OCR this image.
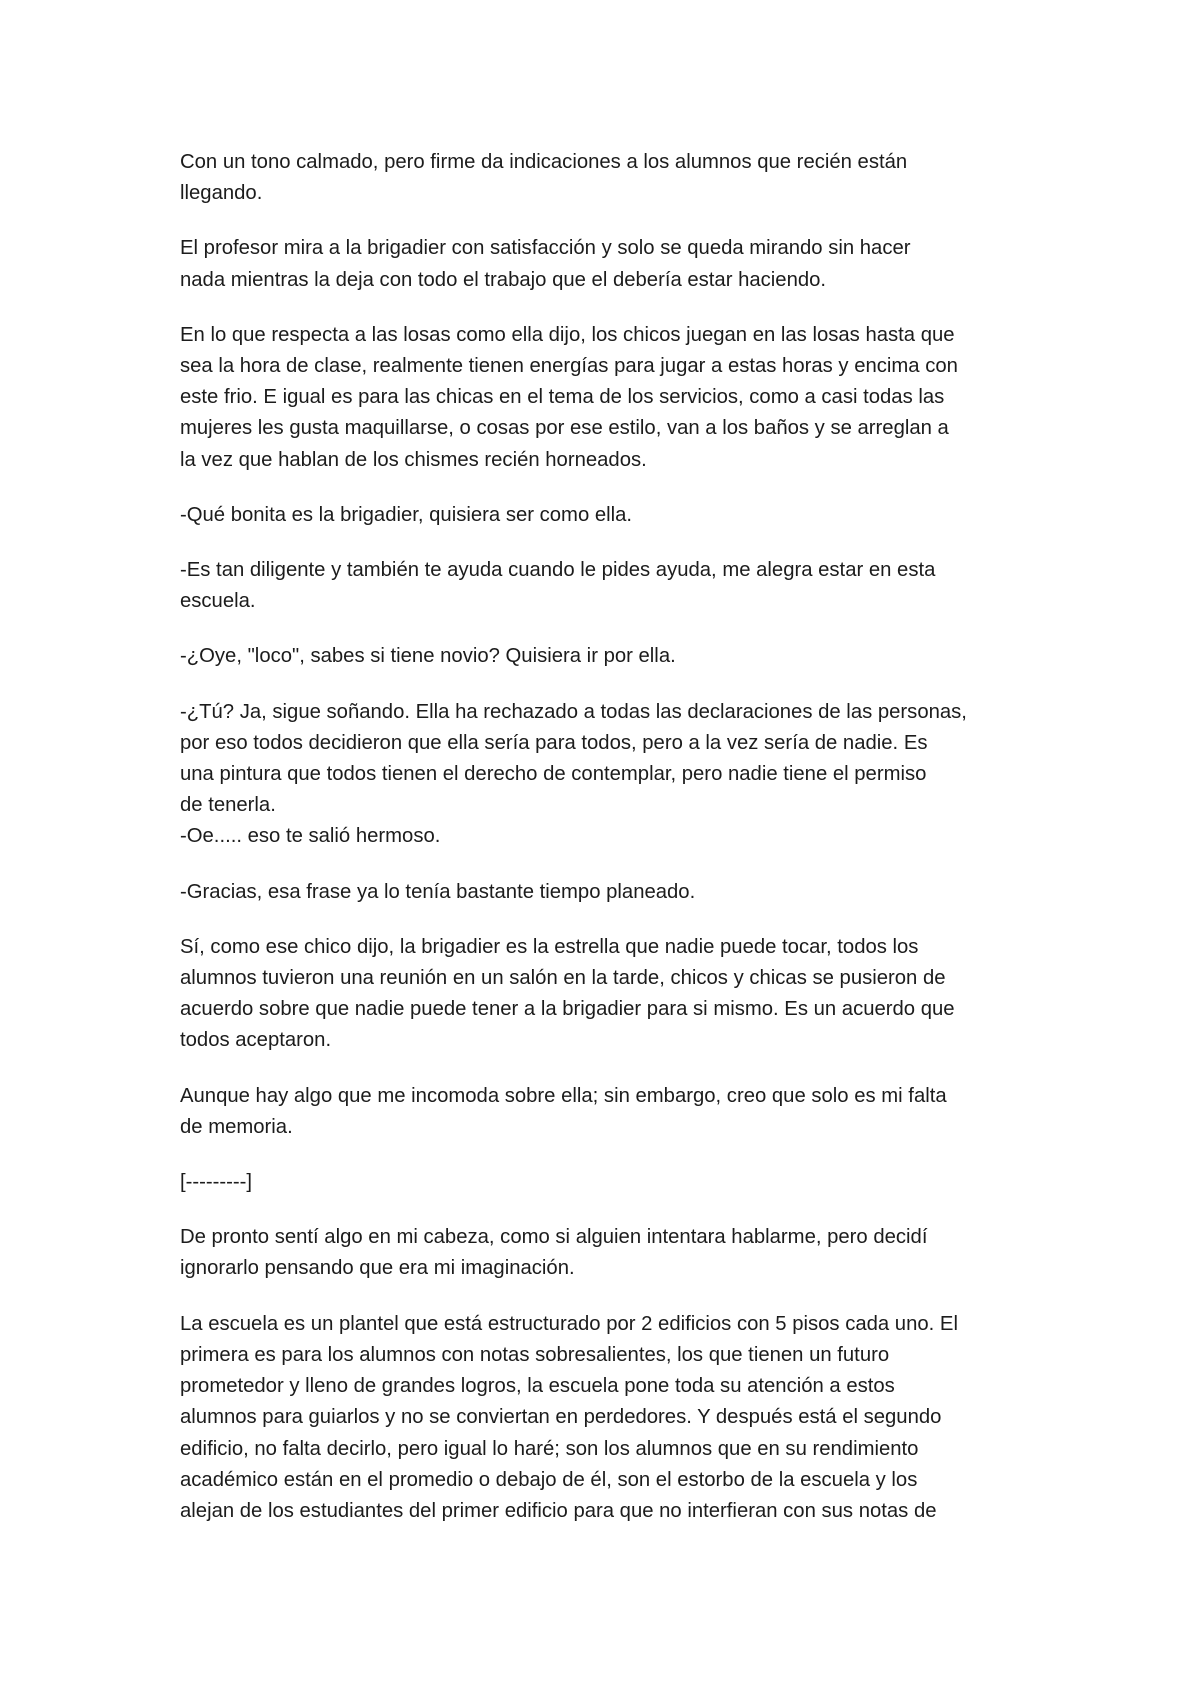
Con un tono calmado, pero firme da indicaciones a los alumnos que recién están
llegando.

El profesor mira a la brigadier con satisfacción y solo se queda mirando sin hacer
nada mientras la deja con todo el trabajo que el debería estar haciendo.

En lo que respecta a las losas como ella dijo, los chicos juegan en las losas hasta que
sea la hora de clase, realmente tienen energías para jugar a estas horas y encima con
este frio. E igual es para las chicas en el tema de los servicios, como a casi todas las
mujeres les gusta maquillarse, o cosas por ese estilo, van a los baños y se arreglan a
la vez que hablan de los chismes recién horneados.

-Qué bonita es la brigadier, quisiera ser como ella.

-Es tan diligente y también te ayuda cuando le pides ayuda, me alegra estar en esta
escuela.

-¿Oye, "loco", sabes si tiene novio? Quisiera ir por ella.

-¿Tú? Ja, sigue soñando. Ella ha rechazado a todas las declaraciones de las personas,
por eso todos decidieron que ella sería para todos, pero a la vez sería de nadie. Es
una pintura que todos tienen el derecho de contemplar, pero nadie tiene el permiso
de tenerla.
-Oe..... eso te salió hermoso.

-Gracias, esa frase ya lo tenía bastante tiempo planeado.

Sí, como ese chico dijo, la brigadier es la estrella que nadie puede tocar, todos los
alumnos tuvieron una reunión en un salón en la tarde, chicos y chicas se pusieron de
acuerdo sobre que nadie puede tener a la brigadier para si mismo. Es un acuerdo que
todos aceptaron.

Aunque hay algo que me incomoda sobre ella; sin embargo, creo que solo es mi falta
de memoria.

[---------]

De pronto sentí algo en mi cabeza, como si alguien intentara hablarme, pero decidí
ignorarlo pensando que era mi imaginación.

La escuela es un plantel que está estructurado por 2 edificios con 5 pisos cada uno. El
primera es para los alumnos con notas sobresalientes, los que tienen un futuro
prometedor y lleno de grandes logros, la escuela pone toda su atención a estos
alumnos para guiarlos y no se conviertan en perdedores. Y después está el segundo
edificio, no falta decirlo, pero igual lo haré; son los alumnos que en su rendimiento
académico están en el promedio o debajo de él, son el estorbo de la escuela y los
alejan de los estudiantes del primer edificio para que no interfieran con sus notas de
